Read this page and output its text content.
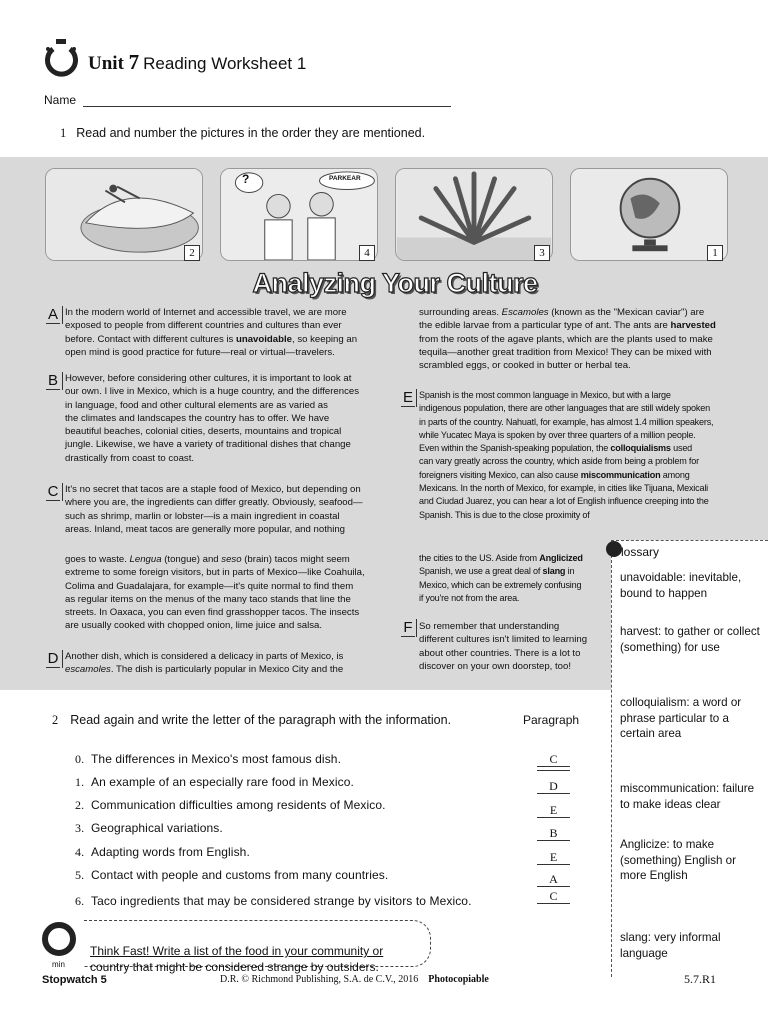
Unit 7 Reading Worksheet 1
Name
1 Read and number the pictures in the order they are mentioned.
2
?	PARKEAR
4	3	1
Analyzing Your Culture
A In the modern world of Internet and accessible travel, we are more
exposed to people from different countries and cultures than ever
before. Contact with different cultures is unavoidable, so keeping an
open mind is good practice for future—real or virtual—travelers.
B However, before considering other cultures, it is important to look at
our own. I live in Mexico, which is a huge country, and the differences
in language, food and other cultural elements are as varied as
the climates and landscapes the country has to offer. We have
beautiful beaches, colonial cities, deserts, mountains and tropical
jungle. Likewise, we have a variety of traditional dishes that change
drastically from coast to coast.
C It's no secret that tacos are a staple food of Mexico, but depending on
where you are, the ingredients can differ greatly. Obviously, seafood—
such as shrimp, marlin or lobster—is a main ingredient in coastal
areas. Inland, meat tacos are generally more popular, and nothing
goes to waste. Lengua (tongue) and seso (brain) tacos might seem
extreme to some foreign visitors, but in parts of Mexico—like Coahuila,
Colima and Guadalajara, for example—it's quite normal to find them
as regular items on the menus of the many taco stands that line the
streets. In Oaxaca, you can even find grasshopper tacos. The insects
are usually cooked with chopped onion, lime juice and salsa.
D Another dish, which is considered a delicacy in parts of Mexico, is
escamoles. The dish is particularly popular in Mexico City and the
surrounding areas. Escamoles (known as the "Mexican caviar") are
the edible larvae from a particular type of ant. The ants are harvested
from the roots of the agave plants, which are the plants used to make
tequila—another great tradition from Mexico! They can be mixed with
scrambled eggs, or cooked in butter or herbal tea.
E Spanish is the most common language in Mexico, but with a large
indigenous population, there are other languages that are still widely spoken
in parts of the country. Nahuatl, for example, has almost 1.4 million speakers,
while Yucatec Maya is spoken by over three quarters of a million people.
Even within the Spanish-speaking population, the colloquialisms used
can vary greatly across the country, which aside from being a problem for
foreigners visiting Mexico, can also cause miscommunication among
Mexicans. In the north of Mexico, for example, in cities like Tijuana, Mexicali
and Ciudad Juarez, you can hear a lot of English influence creeping into the
Spanish. This is due to the close proximity of
the cities to the US. Aside from Anglicized
Spanish, we use a great deal of slang in
Mexico, which can be extremely confusing
if you're not from the area.
F So remember that understanding
different cultures isn't limited to learning
about other countries. There is a lot to
discover on your own doorstep, too!
lossary
unavoidable: inevitable, bound to happen
harvest: to gather or collect (something) for use
colloquialism: a word or phrase particular to a certain area
miscommunication: failure to make ideas clear
Anglicize: to make (something) English or more English
slang: very informal language
2 Read again and write the letter of the paragraph with the information.	Paragraph
0. The differences in Mexico's most famous dish.	C
1. An example of an especially rare food in Mexico.	D
2. Communication difficulties among residents of Mexico.	E
3. Geographical variations.	B
4. Adapting words from English.	E
5. Contact with people and customs from many countries.	A
6. Taco ingredients that may be considered strange by visitors to Mexico.	C
min
Think Fast! Write a list of the food in your community or
country that might be considered strange by outsiders.
Stopwatch 5	D.R. © Richmond Publishing, S.A. de C.V., 2016 Photocopiable	5.7.R1
